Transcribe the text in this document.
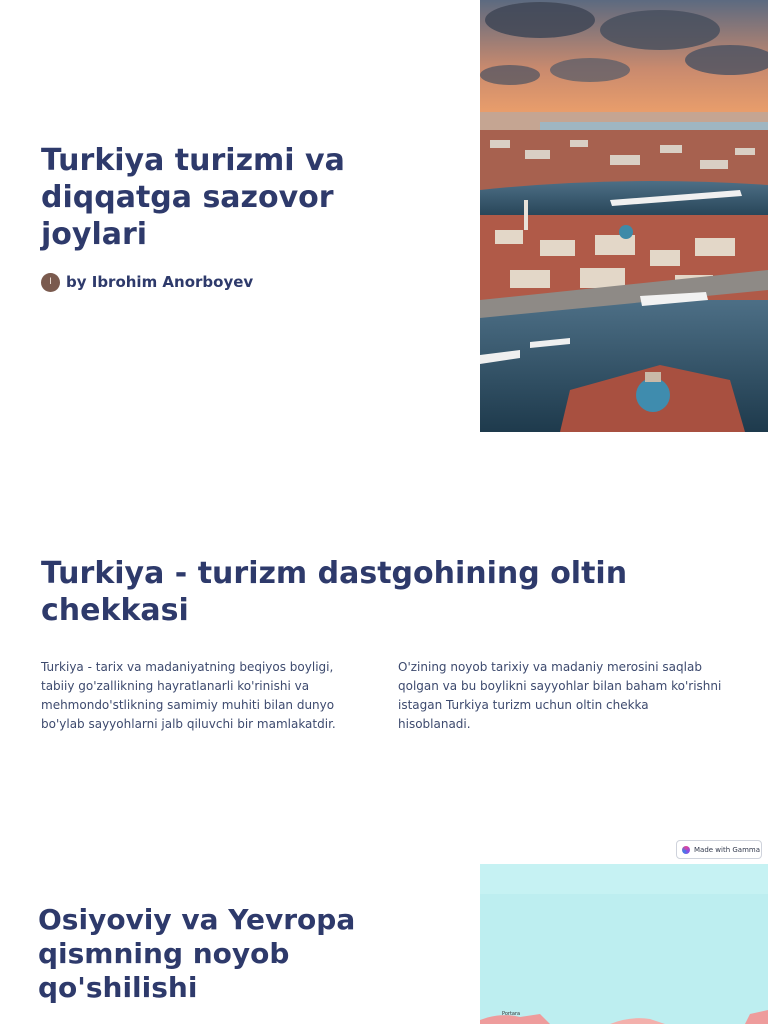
Turkiya turizmi va diqqatga sazovor joylari
I by Ibrohim Anorboyev
Turkiya - turizm dastgohining oltin chekkasi

Turkiya - tarix va madaniyatning beqiyos boyligi, tabiiy go'zallikning hayratlanarli ko'rinishi va mehmondo'stlikning samimiy muhiti bilan dunyo bo'ylab sayyohlarni jalb qiluvchi bir mamlakatdir.

O'zining noyob tarixiy va madaniy merosini saqlab qolgan va bu boylikni sayyohlar bilan baham ko'rishni istagan Turkiya turizm uchun oltin chekka hisoblanadi.

Made with Gamma
Osiyoviy va Yevropa qismning noyob qo'shilishi
Portara
